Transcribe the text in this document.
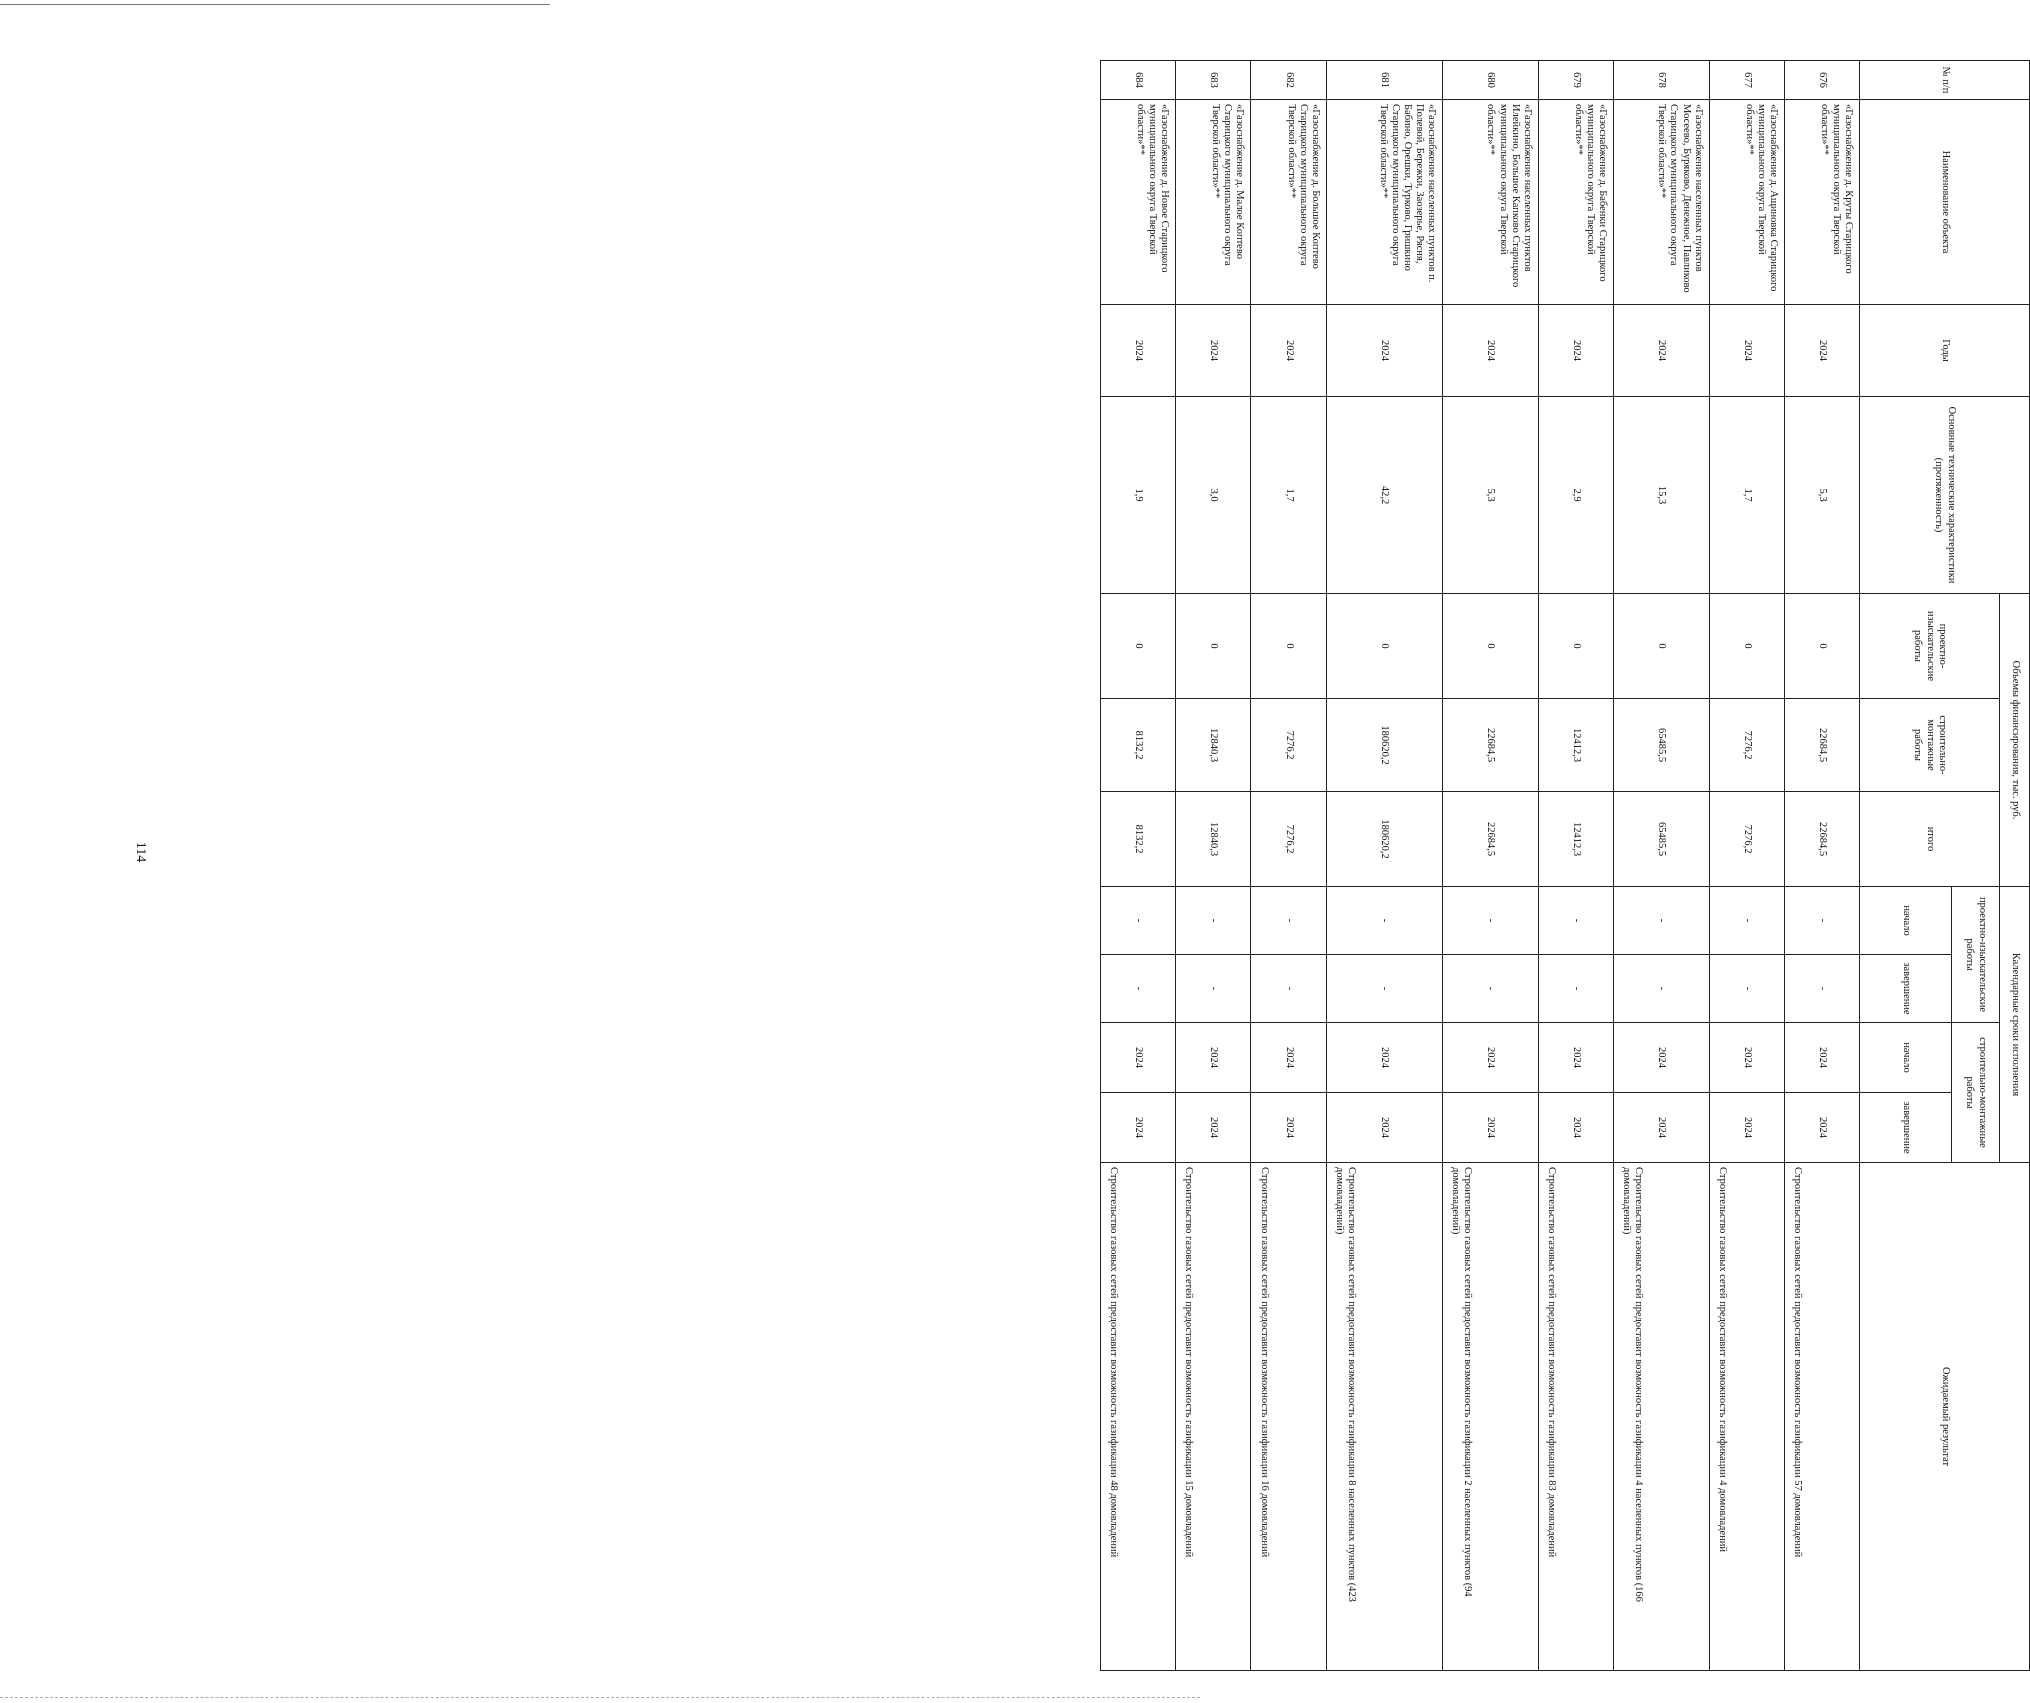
114
№ п/п	Наименование объекта	Годы	Основные технические характеристики (протяженность)	Объемы финансирования, тыс. руб.			Календарные сроки исполнения				Ожидаемый результат
				проектно-изыскательские работы	строительно-монтажные работы	итого	проектно-изыскательские работы		строительно-монтажные работы		
							начало	завершение	начало	завершение	
676	«Газоснабжение д. Круты Старицкого муниципального округа Тверской области»**	2024	5,3	0	22684,5	22684,5	-	-	2024	2024	Строительство газовых сетей предоставит возможность газификации 57 домовладений
677	«Газоснабжение д. Ащиновка Старицкого муниципального округа Тверской области»**	2024	1,7	0	7276,2	7276,2	-	-	2024	2024	Строительство газовых сетей предоставит возможность газификации 4 домовладений
678	«Газоснабжение населенных пунктов Мосеево, Буряково, Денежное, Павликово Старицкого муниципального округа Тверской области»**	2024	15,3	0	65485,5	65485,5	-	-	2024	2024	Строительство газовых сетей предоставит возможность газификации 4 населенных пунктов (166 домовладений)
679	«Газоснабжение д. Бабенки Старицкого муниципального округа Тверской области»**	2024	2,9	0	12412,3	12412,3	-	-	2024	2024	Строительство газовых сетей предоставит возможность газификации 83 домовладений
680	«Газоснабжение населенных пунктов Илейкино, Большое Капково Старицкого муниципального округа Тверской области»**	2024	5,3	0	22684,5	22684,5	-	-	2024	2024	Строительство газовых сетей предоставит возможность газификации 2 населенных пунктов (94 домовладений)
681	«Газоснабжение населенных пунктов п. Полевой, Бережки, Заозерье, Рясня, Бабино, Орешки, Турково, Гришкино Старицкого муниципального округа Тверской области»**	2024	42,2	0	180620,2	180620,2	-	-	2024	2024	Строительство газовых сетей предоставит возможность газификации 8 населенных пунктов (423 домовладений)
682	«Газоснабжение д. Большое Коптево Старицкого муниципального округа Тверской области»**	2024	1,7	0	7276,2	7276,2	-	-	2024	2024	Строительство газовых сетей предоставит возможность газификации 16 домовладений
683	«Газоснабжение д. Малое Коптево Старицкого муниципального округа Тверской области»**	2024	3,0	0	12840,3	12840,3	-	-	2024	2024	Строительство газовых сетей предоставит возможность газификации 15 домовладений
684	«Газоснабжение д. Новое Старицкого муниципального округа Тверской области»**	2024	1,9	0	8132,2	8132,2	-	-	2024	2024	Строительство газовых сетей предоставит возможность газификации 48 домовладений
